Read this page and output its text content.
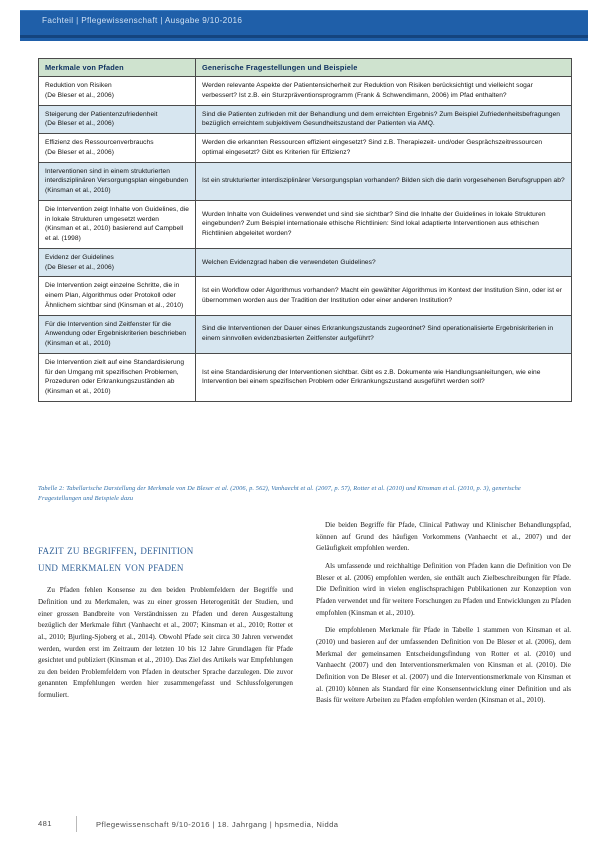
Fachteil | Pflegewissenschaft | Ausgabe 9/10-2016
Merkmale von Pfaden	Generische Fragestellungen und Beispiele
Reduktion von Risiken
(De Bleser et al., 2006)	Werden relevante Aspekte der Patientensicherheit zur Reduktion von Risiken berücksichtigt und vielleicht sogar verbessert? Ist z.B. ein Sturzpräventionsprogramm (Frank & Schwendimann, 2006) im Pfad enthalten?
Steigerung der Patientenzufriedenheit
(De Bleser et al., 2006)	Sind die Patienten zufrieden mit der Behandlung und dem erreichten Ergebnis? Zum Beispiel Zufriedenheitsbefragungen bezüglich erreichtem subjektivem Gesundheitszustand der Patienten via AMQ.
Effizienz des Ressourcenverbrauchs
(De Bleser et al., 2006)	Werden die erkannten Ressourcen effizient eingesetzt? Sind z.B. Therapiezeit- und/oder Gesprächszeitressourcen optimal eingesetzt? Gibt es Kriterien für Effizienz?
Interventionen sind in einem strukturierten interdisziplinären Versorgungsplan eingebunden
(Kinsman et al., 2010)	Ist ein strukturierter interdisziplinärer Versorgungsplan vorhanden? Bilden sich die darin vorgesehenen Berufsgruppen ab?
Die Intervention zeigt Inhalte von Guidelines, die in lokale Strukturen umgesetzt werden (Kinsman et al., 2010) basierend auf Campbell et al. (1998)	Wurden Inhalte von Guidelines verwendet und sind sie sichtbar? Sind die Inhalte der Guidelines in lokale Strukturen eingebunden? Zum Beispiel internationale ethische Richtlinien: Sind lokal adaptierte Interventionen aus ethischen Richtlinien abgeleitet worden?
Evidenz der Guidelines
(De Bleser et al., 2006)	Welchen Evidenzgrad haben die verwendeten Guidelines?
Die Intervention zeigt einzelne Schritte, die in einem Plan, Algorithmus oder Protokoll oder Ähnlichem sichtbar sind (Kinsman et al., 2010)	Ist ein Workflow oder Algorithmus vorhanden? Macht ein gewählter Algorithmus im Kontext der Institution Sinn, oder ist er übernommen worden aus der Tradition der Institution oder einer anderen Institution?
Für die Intervention sind Zeitfenster für die Anwendung oder Ergebniskriterien beschrieben
(Kinsman et al., 2010)	Sind die Interventionen der Dauer eines Erkrankungszustands zugeordnet? Sind operationalisierte Ergebniskriterien in einem sinnvollen evidenzbasierten Zeitfenster aufgeführt?
Die Intervention zielt auf eine Standardisierung für den Umgang mit spezifischen Problemen, Prozeduren oder Erkrankungszuständen ab
(Kinsman et al., 2010)	Ist eine Standardisierung der Interventionen sichtbar. Gibt es z.B. Dokumente wie Handlungsanleitungen, wie eine Intervention bei einem spezifischen Problem oder Erkrankungszustand ausgeführt werden soll?
Tabelle 2: Tabellarische Darstellung der Merkmale von De Bleser et al. (2006, p. 562), Vanhaecht et al. (2007, p. 57), Rotter et al. (2010) und Kinsman et al. (2010, p. 3), generische Fragestellungen und Beispiele dazu
fazit zu begriffen, definition
und merkmalen von pfaden

Zu Pfaden fehlen Konsense zu den beiden Problemfeldern der Begriffe und Definition und zu Merkmalen, was zu einer grossen Heterogenität der Studien, und einer grossen Bandbreite von Verständnissen zu Pfaden und deren Ausgestaltung bezüglich der Merkmale führt (Vanhaecht et al., 2007; Kinsman et al., 2010; Rotter et al., 2010; Bjurling-Sjoberg et al., 2014). Obwohl Pfade seit circa 30 Jahren verwendet werden, wurden erst im Zeitraum der letzten 10 bis 12 Jahre Grundlagen für Pfade gesichtet und publiziert (Kinsman et al., 2010). Das Ziel des Artikels war Empfehlungen zu den beiden Problemfeldern von Pfaden in deutscher Sprache darzulegen. Die zuvor genannten Empfehlungen werden hier zusammengefasst und Schlussfolgerungen formuliert.

Die beiden Begriffe für Pfade, Clinical Pathway und Klinischer Behandlungspfad, können auf Grund des häufigen Vorkommens (Vanhaecht et al., 2007) und der Geläufigkeit empfohlen werden.

Als umfassende und reichhaltige Definition von Pfaden kann die Definition von De Bleser et al. (2006) empfohlen werden, sie enthält auch Zielbeschreibungen für Pfade. Die Definition wird in vielen englischsprachigen Publikationen zur Konzeption von Pfaden verwendet und für weitere Forschungen zu Pfaden und Entwicklungen zu Pfaden empfohlen (Kinsman et al., 2010).

Die empfohlenen Merkmale für Pfade in Tabelle 1 stammen von Kinsman et al. (2010) und basieren auf der umfassenden Definition von De Bleser et al. (2006), dem Merkmal der gemeinsamen Entscheidungsfindung von Rotter et al. (2010) und Vanhaecht (2007) und den Interventionsmerkmalen von Kinsman et al. (2010). Die Definition von De Bleser et al. (2007) und die Interventionsmerkmale von Kinsman et al. (2010) können als Standard für eine Konsensentwicklung einer Definition und als Basis für weitere Arbeiten zu Pfaden empfohlen werden (Kinsman et al., 2010).

481	Pflegewissenschaft 9/10-2016 | 18. Jahrgang | hpsmedia, Nidda
